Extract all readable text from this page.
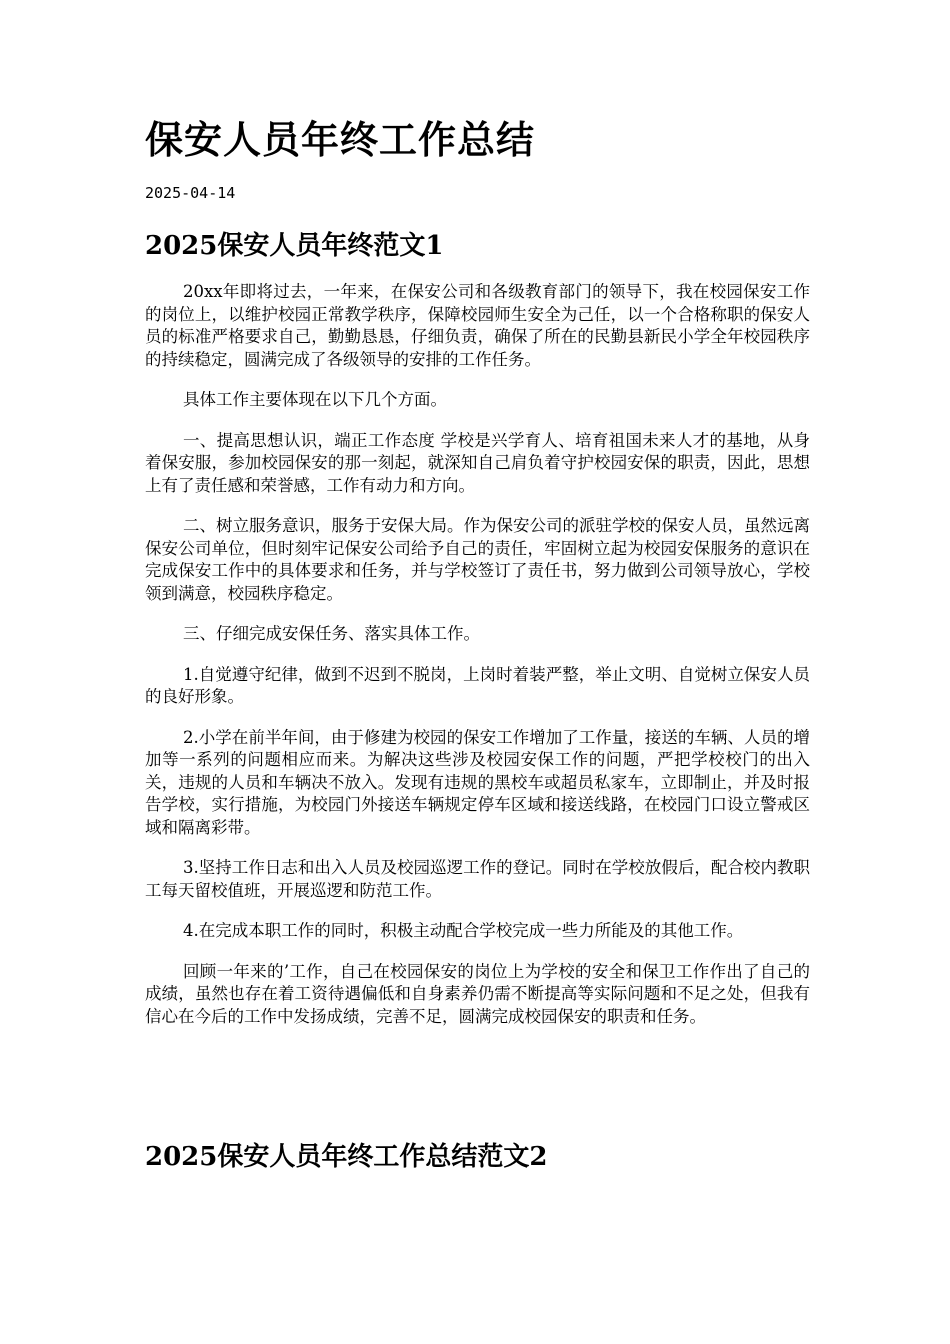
保安人员年终工作总结
2025-04-14
2025保安人员年终范文1

20xx年即将过去，一年来，在保安公司和各级教育部门的领导下，我在校园保安工作的岗位上，以维护校园正常教学秩序，保障校园师生安全为己任，以一个合格称职的保安人员的标准严格要求自己，勤勤恳恳，仔细负责，确保了所在的民勤县新民小学全年校园秩序的持续稳定，圆满完成了各级领导的安排的工作任务。

具体工作主要体现在以下几个方面。

一、提高思想认识，端正工作态度 学校是兴学育人、培育祖国未来人才的基地，从身着保安服，参加校园保安的那一刻起，就深知自己肩负着守护校园安保的职责，因此，思想上有了责任感和荣誉感，工作有动力和方向。

二、树立服务意识，服务于安保大局。作为保安公司的派驻学校的保安人员，虽然远离保安公司单位，但时刻牢记保安公司给予自己的责任，牢固树立起为校园安保服务的意识在完成保安工作中的具体要求和任务，并与学校签订了责任书，努力做到公司领导放心，学校领到满意，校园秩序稳定。

三、仔细完成安保任务、落实具体工作。

1.自觉遵守纪律，做到不迟到不脱岗，上岗时着装严整，举止文明、自觉树立保安人员的良好形象。

2.小学在前半年间，由于修建为校园的保安工作增加了工作量，接送的车辆、人员的增加等一系列的问题相应而来。为解决这些涉及校园安保工作的问题，严把学校校门的出入关，违规的人员和车辆决不放入。发现有违规的黑校车或超员私家车，立即制止，并及时报告学校，实行措施，为校园门外接送车辆规定停车区域和接送线路，在校园门口设立警戒区域和隔离彩带。

3.坚持工作日志和出入人员及校园巡逻工作的登记。同时在学校放假后，配合校内教职工每天留校值班，开展巡逻和防范工作。

4.在完成本职工作的同时，积极主动配合学校完成一些力所能及的其他工作。

回顾一年来的’工作，自己在校园保安的岗位上为学校的安全和保卫工作作出了自己的成绩，虽然也存在着工资待遇偏低和自身素养仍需不断提高等实际问题和不足之处，但我有信心在今后的工作中发扬成绩，完善不足，圆满完成校园保安的职责和任务。

2025保安人员年终工作总结范文2
